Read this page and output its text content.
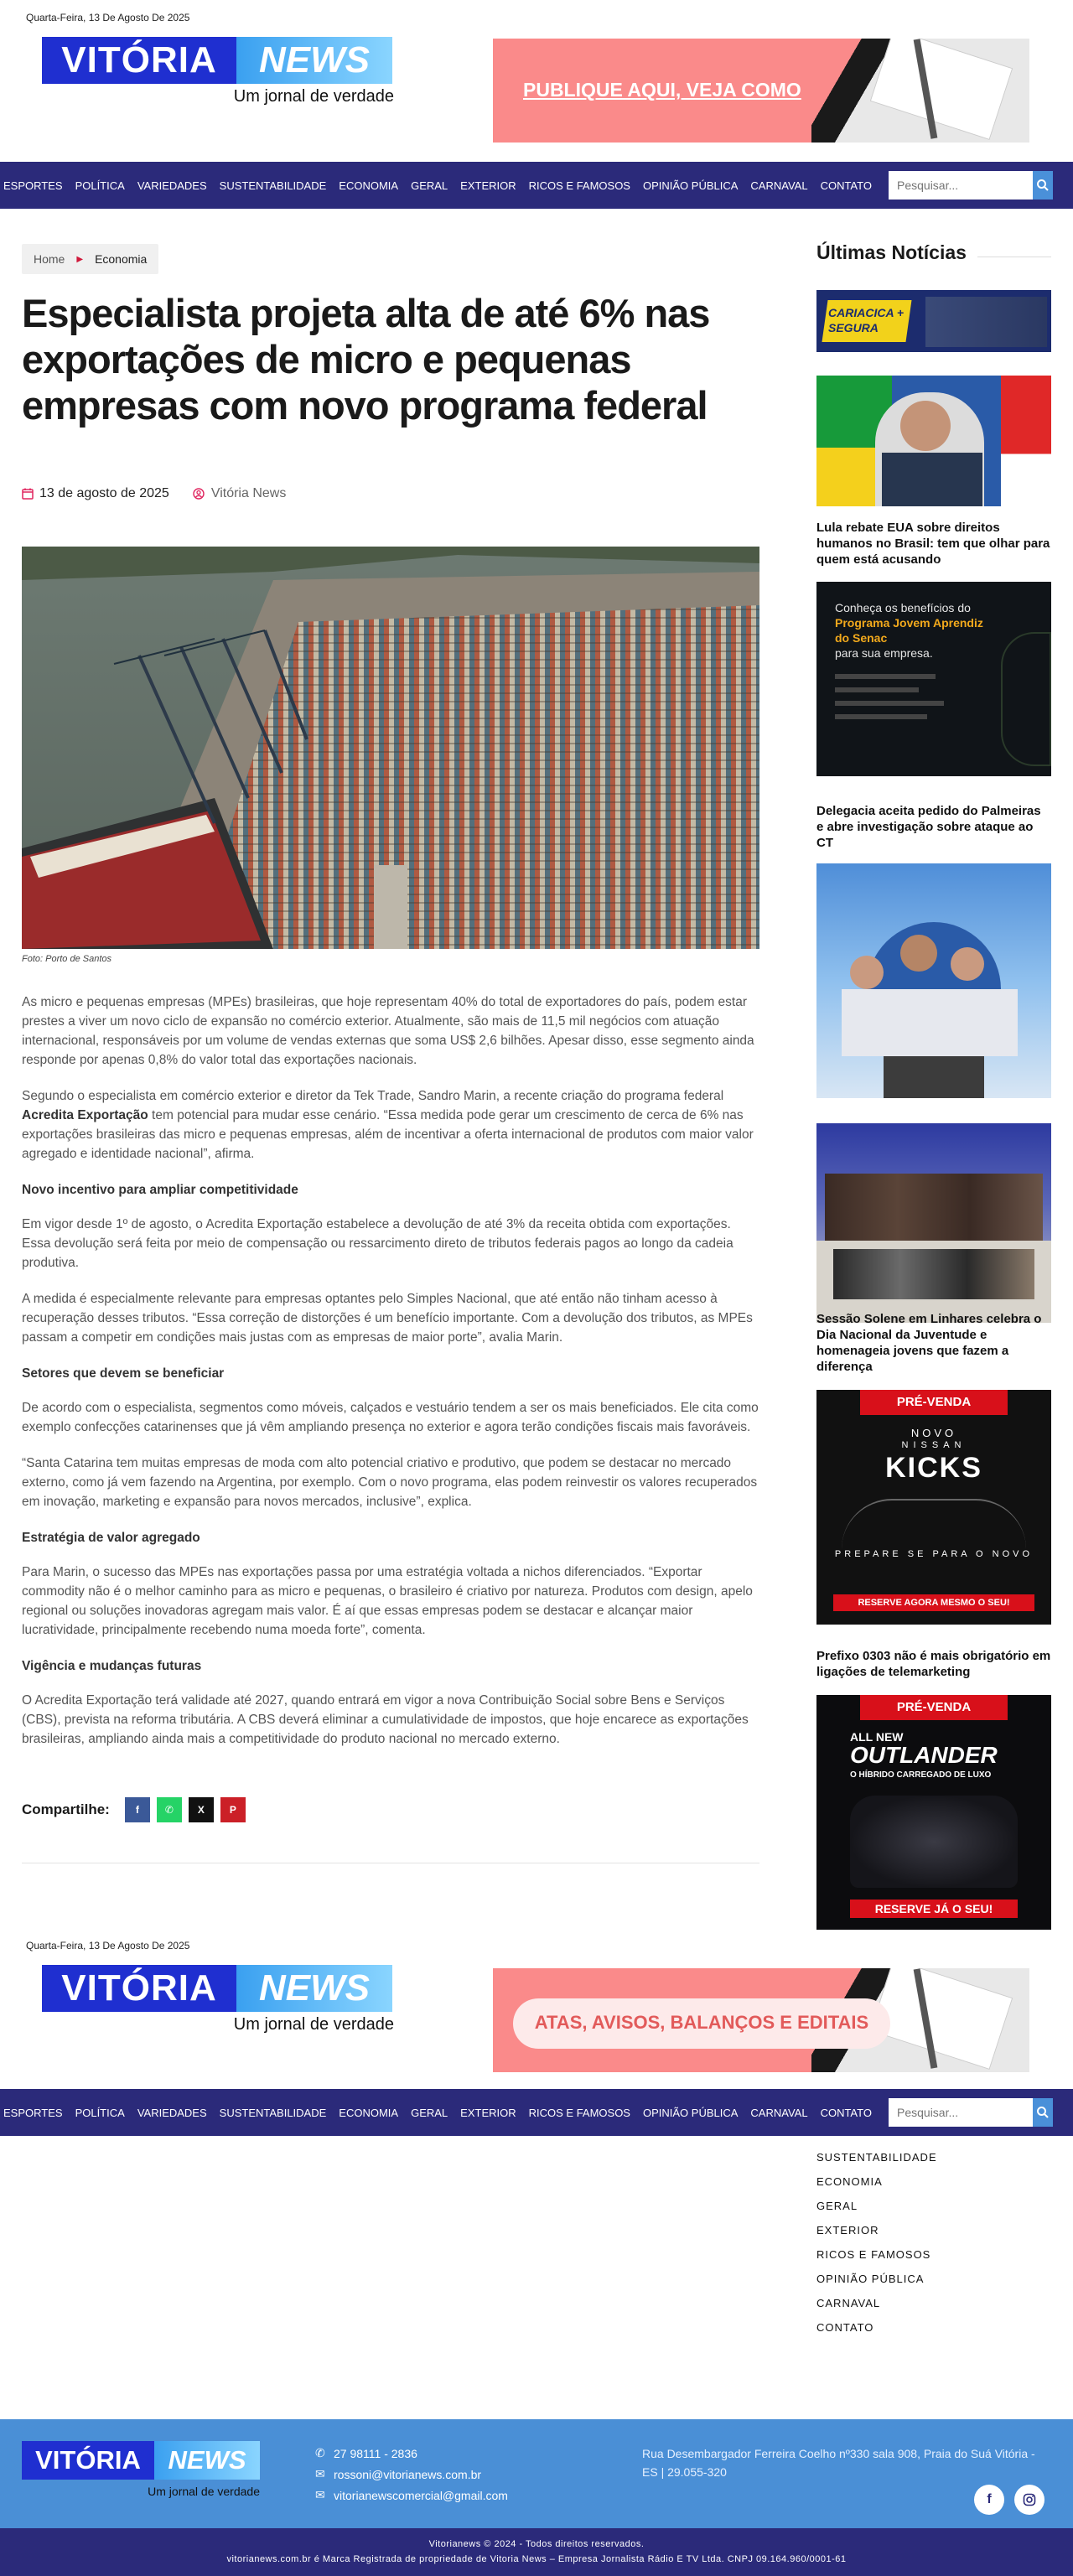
Quarta-Feira, 13 De Agosto De 2025
VITÓRIA	NEWS
Um jornal de verdade	PUBLIQUE AQUI, VEJA COMO
ESPORTES POLÍTICA VARIEDADES SUSTENTABILIDADE ECONOMIA GERAL EXTERIOR RICOS E FAMOSOS OPINIÃO PÚBLICA CARNAVAL CONTATO
Pesquisar...
Home ▶ Economia
Especialista projeta alta de até 6% nas exportações de micro e pequenas empresas com novo programa federal
13 de agosto de 2025	Vitória News
Foto: Porto de Santos

As micro e pequenas empresas (MPEs) brasileiras, que hoje representam 40% do total de exportadores do país, podem estar prestes a viver um novo ciclo de expansão no comércio exterior. Atualmente, são mais de 11,5 mil negócios com atuação internacional, responsáveis por um volume de vendas externas que soma US$ 2,6 bilhões. Apesar disso, esse segmento ainda responde por apenas 0,8% do valor total das exportações nacionais.

Segundo o especialista em comércio exterior e diretor da Tek Trade, Sandro Marin, a recente criação do programa federal Acredita Exportação tem potencial para mudar esse cenário. “Essa medida pode gerar um crescimento de cerca de 6% nas exportações brasileiras das micro e pequenas empresas, além de incentivar a oferta internacional de produtos com maior valor agregado e identidade nacional”, afirma.

Novo incentivo para ampliar competitividade

Em vigor desde 1º de agosto, o Acredita Exportação estabelece a devolução de até 3% da receita obtida com exportações. Essa devolução será feita por meio de compensação ou ressarcimento direto de tributos federais pagos ao longo da cadeia produtiva.

A medida é especialmente relevante para empresas optantes pelo Simples Nacional, que até então não tinham acesso à recuperação desses tributos. “Essa correção de distorções é um benefício importante. Com a devolução dos tributos, as MPEs passam a competir em condições mais justas com as empresas de maior porte”, avalia Marin.

Setores que devem se beneficiar

De acordo com o especialista, segmentos como móveis, calçados e vestuário tendem a ser os mais beneficiados. Ele cita como exemplo confecções catarinenses que já vêm ampliando presença no exterior e agora terão condições fiscais mais favoráveis.

“Santa Catarina tem muitas empresas de moda com alto potencial criativo e produtivo, que podem se destacar no mercado externo, como já vem fazendo na Argentina, por exemplo. Com o novo programa, elas podem reinvestir os valores recuperados em inovação, marketing e expansão para novos mercados, inclusive”, explica.

Estratégia de valor agregado

Para Marin, o sucesso das MPEs nas exportações passa por uma estratégia voltada a nichos diferenciados. “Exportar commodity não é o melhor caminho para as micro e pequenas, o brasileiro é criativo por natureza. Produtos com design, apelo regional ou soluções inovadoras agregam mais valor. É aí que essas empresas podem se destacar e alcançar maior lucratividade, principalmente recebendo numa moeda forte”, comenta.

Vigência e mudanças futuras

O Acredita Exportação terá validade até 2027, quando entrará em vigor a nova Contribuição Social sobre Bens e Serviços (CBS), prevista na reforma tributária. A CBS deverá eliminar a cumulatividade de impostos, que hoje encarece as exportações brasileiras, ampliando ainda mais a competitividade do produto nacional no mercado externo.

Compartilhe:	f	✆ X P
Últimas Notícias
CARIACICA + SEGURA
Lula rebate EUA sobre direitos humanos no Brasil: tem que olhar para quem está acusando
Conheça os benefícios do
Programa Jovem Aprendiz
do Senac
para sua empresa.
Delegacia aceita pedido do Palmeiras e abre investigação sobre ataque ao CT
Sessão Solene em Linhares celebra o Dia Nacional da Juventude e homenageia jovens que fazem a diferença
PRÉ-VENDA
NOVO
NISSAN
KICKS
PREPARE SE PARA O NOVO
RESERVE AGORA MESMO O SEU!
Prefixo 0303 não é mais obrigatório em ligações de telemarketing
PRÉ-VENDA
ALL NEW
OUTLANDER
O HÍBRIDO CARREGADO DE LUXO
RESERVE JÁ O SEU!
Quarta-Feira, 13 De Agosto De 2025
VITÓRIA	NEWS
Um jornal de verdade	ATAS, AVISOS, BALANÇOS E EDITAIS
ESPORTES POLÍTICA VARIEDADES SUSTENTABILIDADE ECONOMIA GERAL EXTERIOR RICOS E FAMOSOS OPINIÃO PÚBLICA CARNAVAL CONTATO
Pesquisar...
SUSTENTABILIDADE
ECONOMIA
GERAL
EXTERIOR
RICOS E FAMOSOS
OPINIÃO PÚBLICA
CARNAVAL
CONTATO
VITÓRIA	NEWS
Um jornal de verdade
✆ 27 98111 - 2836
✉ rossoni@vitorianews.com.br
✉ vitorianewscomercial@gmail.com
Rua Desembargador Ferreira Coelho nº330 sala 908, Praia do Suá Vitória - ES | 29.055-320
f
Vitorianews © 2024 - Todos direitos reservados.
vitorianews.com.br é Marca Registrada de propriedade de Vitoria News – Empresa Jornalista Rádio E TV Ltda. CNPJ 09.164.960/0001-61
